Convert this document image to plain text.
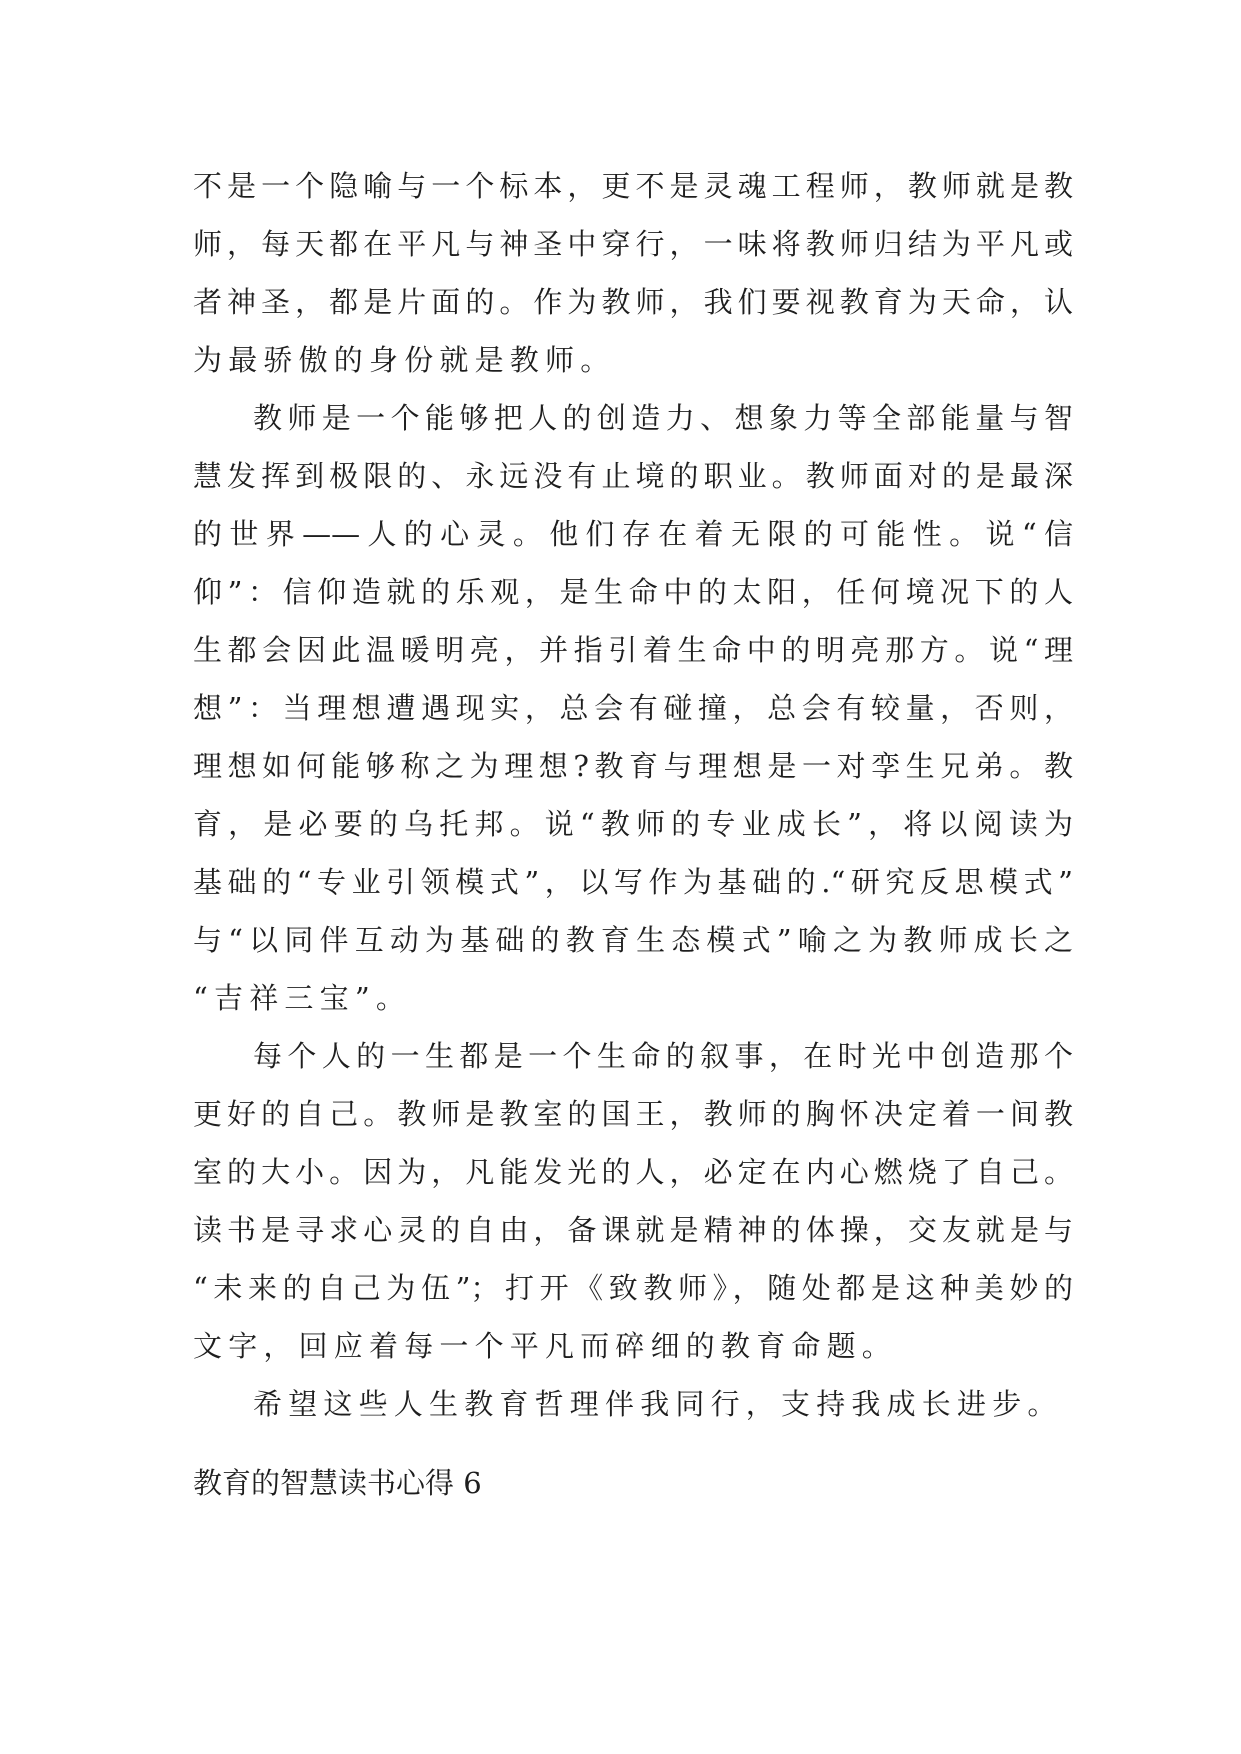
不是一个隐喻与一个标本，更不是灵魂工程师，教师就是教
师，每天都在平凡与神圣中穿行，一味将教师归结为平凡或
者神圣，都是片面的。作为教师，我们要视教育为天命，认
为最骄傲的身份就是教师。
教师是一个能够把人的创造力、想象力等全部能量与智
慧发挥到极限的、永远没有止境的职业。教师面对的是最深
的世界——人的心灵。他们存在着无限的可能性。说“信
仰”：信仰造就的乐观，是生命中的太阳，任何境况下的人
生都会因此温暖明亮，并指引着生命中的明亮那方。说“理
想”：当理想遭遇现实，总会有碰撞，总会有较量，否则，
理想如何能够称之为理想?教育与理想是一对孪生兄弟。教
育，是必要的乌托邦。说“教师的专业成长”，将以阅读为
基础的“专业引领模式”，以写作为基础的.“研究反思模式”
与“以同伴互动为基础的教育生态模式”喻之为教师成长之
“吉祥三宝”。
每个人的一生都是一个生命的叙事，在时光中创造那个
更好的自己。教师是教室的国王，教师的胸怀决定着一间教
室的大小。因为，凡能发光的人，必定在内心燃烧了自己。
读书是寻求心灵的自由，备课就是精神的体操，交友就是与
“未来的自己为伍”；打开《致教师》，随处都是这种美妙的
文字，回应着每一个平凡而碎细的教育命题。
希望这些人生教育哲理伴我同行，支持我成长进步。
教育的智慧读书心得 6
